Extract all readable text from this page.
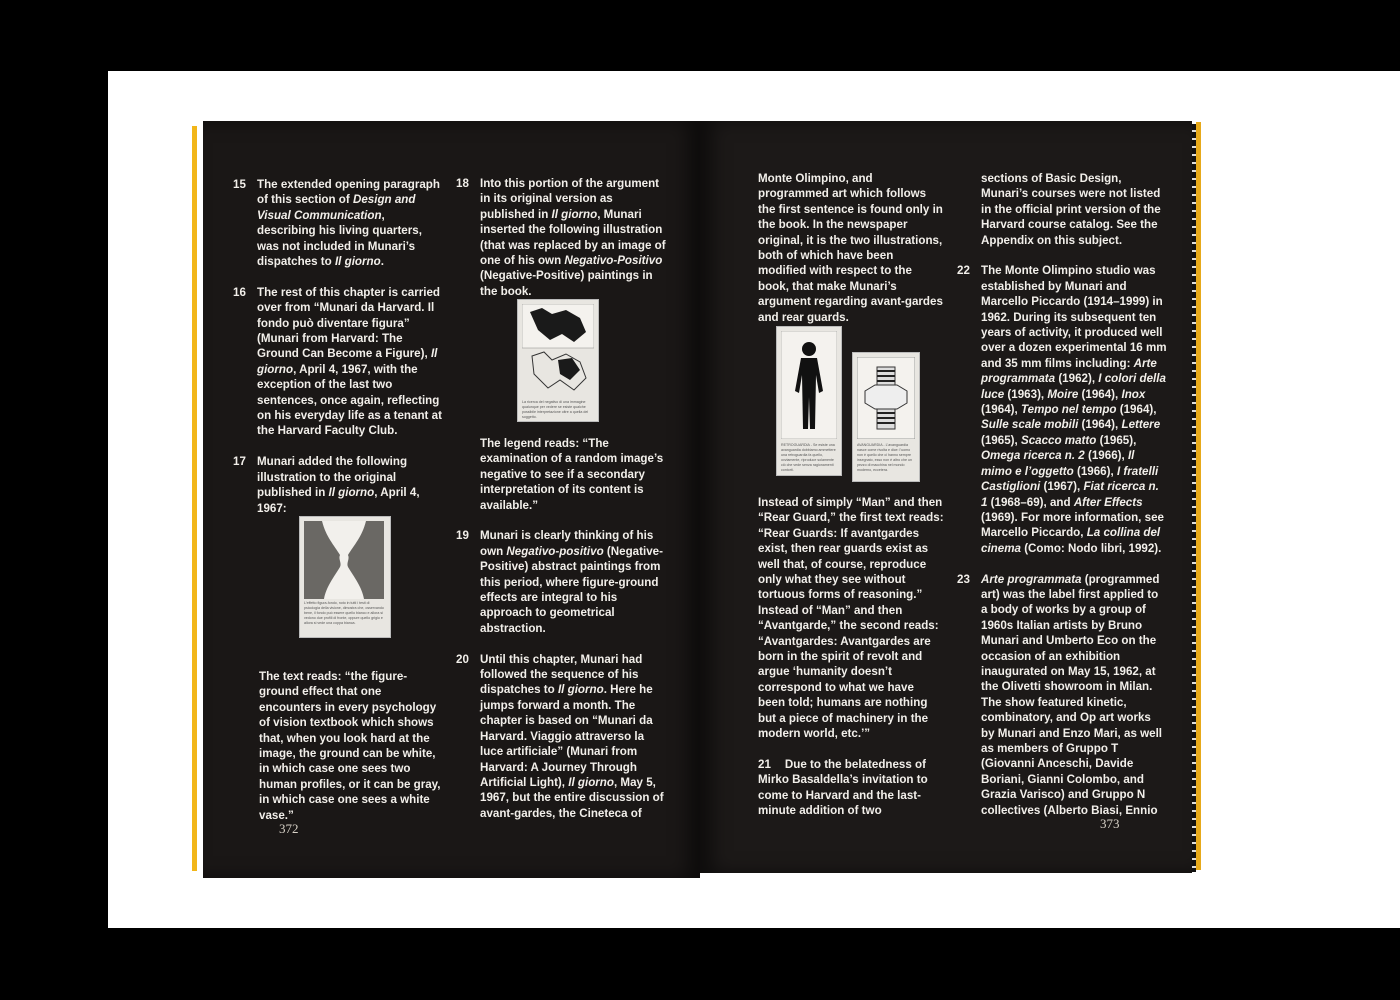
15 The extended opening paragraph of this section of Design and Visual Communication, describing his living quarters, was not included in Munari’s dispatches to Il giorno.

16 The rest of this chapter is carried over from “Munari da Harvard. Il fondo può diventare figura” (Munari from Harvard: The Ground Can Become a Figure), Il giorno, April 4, 1967, with the exception of the last two sentences, once again, reflecting on his everyday life as a tenant at the Harvard Faculty Club.

17 Munari added the following illustration to the original published in Il giorno, April 4, 1967:

L’effetto figura-fondo, noto in tutti i testi di psicologia della visione, dimostra che, osservando bene, il fondo può essere quello bianco e allora si vedono due profili di fronte, oppure quello grigio e allora si vede una coppa bianca.

The text reads: “the figure-ground effect that one encounters in every psychology of vision textbook which shows that, when you look hard at the image, the ground can be white, in which case one sees two human profiles, or it can be gray, in which case one sees a white vase.”

18 Into this portion of the argument in its original version as published in Il giorno, Munari inserted the following illustration (that was replaced by an image of one of his own Negativo-Positivo (Negative-Positive) paintings in the book.

La ricerca del negativo di una immagine qualunque per vedere se esiste qualche possibile interpretazione oltre a quella del soggetto.

The legend reads: “The examination of a random image’s negative to see if a secondary interpretation of its content is available.”

19 Munari is clearly thinking of his own Negativo-positivo (Negative-Positive) abstract paintings from this period, where figure-ground effects are integral to his approach to geometrical abstraction.

20 Until this chapter, Munari had followed the sequence of his dispatches to Il giorno. Here he jumps forward a month. The chapter is based on “Munari da Harvard. Viaggio attraverso la luce artificiale” (Munari from Harvard: A Journey Through Artificial Light), Il giorno, May 5, 1967, but the entire discussion of avant-gardes, the Cineteca of

372

Monte Olimpino, and programmed art which follows the first sentence is found only in the book. In the newspaper original, it is the two illustrations, both of which have been modified with respect to the book, that make Munari’s argument regarding avant-gardes and rear guards.

RETROGUARDIA - Se esiste una avanguardia dobbiamo ammettere una retroguardia fa quello, ovviamente, riproduce solamente ciò che vede senza ragionamenti contorti.
AVANGUARDIA - L’avanguardia nasce come rivolta e dice: l’uomo non è quello che ci hanno sempre insegnato, esso non è altro che un pezzo di macchina nel mondo moderno, eccetera.

Instead of simply “Man” and then “Rear Guard,” the first text reads: “Rear Guards: If avantgardes exist, then rear guards exist as well that, of course, reproduce only what they see without tortuous forms of reasoning.” Instead of “Man” and then “Avantgarde,” the second reads: “Avantgardes: Avantgardes are born in the spirit of revolt and argue ‘humanity doesn’t correspond to what we have been told; humans are nothing but a piece of machinery in the modern world, etc.’”

21 Due to the belatedness of Mirko Basaldella’s invitation to come to Harvard and the last-minute addition of two

sections of Basic Design, Munari’s courses were not listed in the official print version of the Harvard course catalog. See the Appendix on this subject.

22 The Monte Olimpino studio was established by Munari and Marcello Piccardo (1914–1999) in 1962. During its subsequent ten years of activity, it produced well over a dozen experimental 16 mm and 35 mm films including: Arte programmata (1962), I colori della luce (1963), Moire (1964), Inox (1964), Tempo nel tempo (1964), Sulle scale mobili (1964), Lettere (1965), Scacco matto (1965), Omega ricerca n. 2 (1966), Il mimo e l’oggetto (1966), I fratelli Castiglioni (1967), Fiat ricerca n. 1 (1968–69), and After Effects (1969). For more information, see Marcello Piccardo, La collina del cinema (Como: Nodo libri, 1992).

23 Arte programmata (programmed art) was the label first applied to a body of works by a group of 1960s Italian artists by Bruno Munari and Umberto Eco on the occasion of an exhibition inaugurated on May 15, 1962, at the Olivetti showroom in Milan. The show featured kinetic, combinatory, and Op art works by Munari and Enzo Mari, as well as members of Gruppo T (Giovanni Anceschi, Davide Boriani, Gianni Colombo, and Grazia Varisco) and Gruppo N collectives (Alberto Biasi, Ennio

373
